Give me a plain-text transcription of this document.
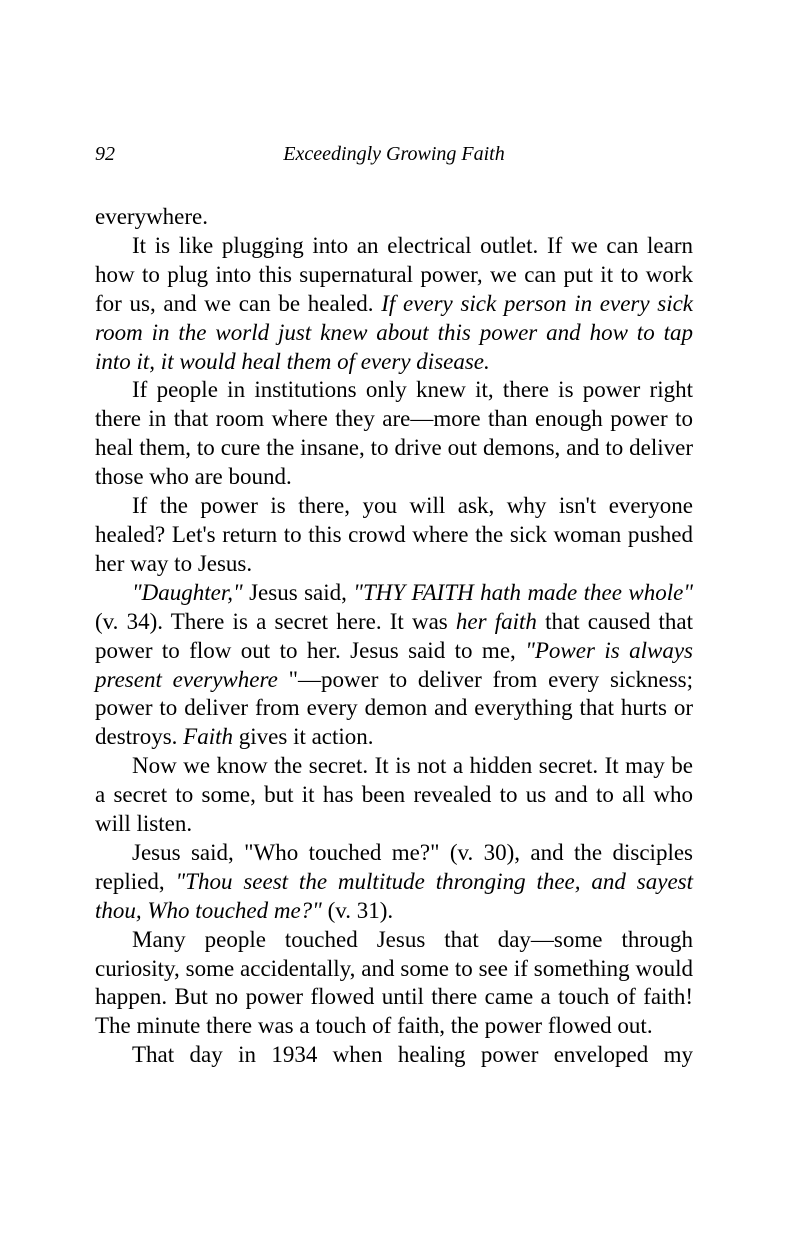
92	Exceedingly Growing Faith

everywhere.

It is like plugging into an electrical outlet. If we can learn how to plug into this supernatural power, we can put it to work for us, and we can be healed. If every sick person in every sick room in the world just knew about this power and how to tap into it, it would heal them of every disease.

If people in institutions only knew it, there is power right there in that room where they are—more than enough power to heal them, to cure the insane, to drive out demons, and to deliver those who are bound.

If the power is there, you will ask, why isn't everyone healed? Let's return to this crowd where the sick woman pushed her way to Jesus.

"Daughter," Jesus said, "THY FAITH hath made thee whole" (v. 34). There is a secret here. It was her faith that caused that power to flow out to her. Jesus said to me, "Power is always present everywhere "—power to deliver from every sickness; power to deliver from every demon and everything that hurts or destroys. Faith gives it action.

Now we know the secret. It is not a hidden secret. It may be a secret to some, but it has been revealed to us and to all who will listen.

Jesus said, "Who touched me?" (v. 30), and the disciples replied, "Thou seest the multitude thronging thee, and sayest thou, Who touched me?" (v. 31).

Many people touched Jesus that day—some through curiosity, some accidentally, and some to see if something would happen. But no power flowed until there came a touch of faith! The minute there was a touch of faith, the power flowed out.

That day in 1934 when healing power enveloped my
